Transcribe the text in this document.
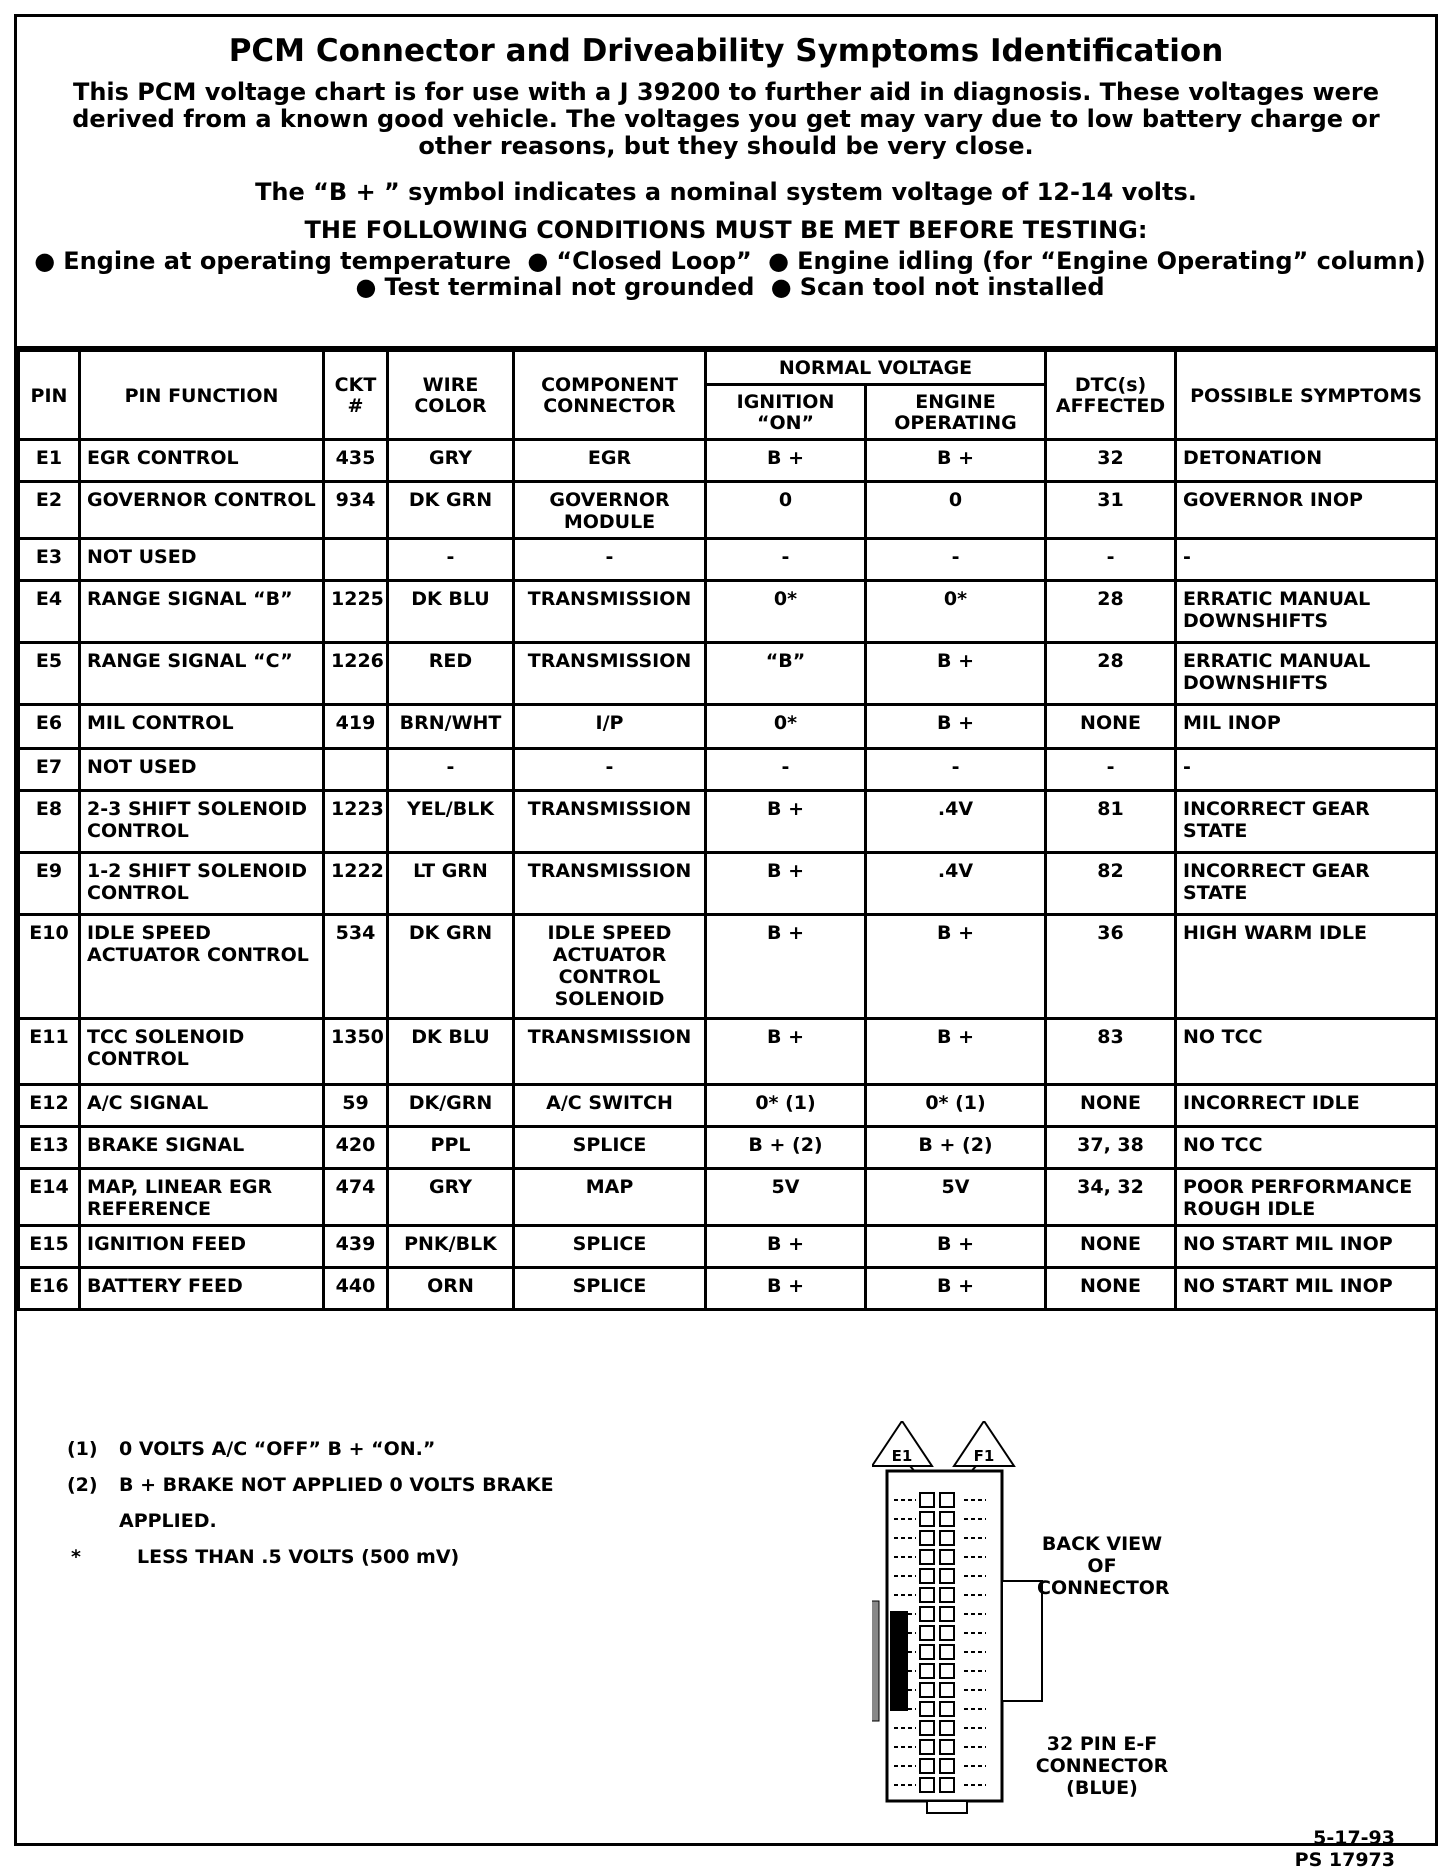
PCM Connector and Driveability Symptoms Identification
This PCM voltage chart is for use with a J 39200 to further aid in diagnosis. These voltages were derived from a known good vehicle. The voltages you get may vary due to low battery charge or other reasons, but they should be very close.
The “B + ” symbol indicates a nominal system voltage of 12-14 volts.
THE FOLLOWING CONDITIONS MUST BE MET BEFORE TESTING:
● Engine at operating temperature ● “Closed Loop” ● Engine idling (for “Engine Operating” column)
● Test terminal not grounded ● Scan tool not installed
PIN	PIN FUNCTION	CKT #	WIRE COLOR	COMPONENT CONNECTOR	NORMAL VOLTAGE		DTC(s) AFFECTED	POSSIBLE SYMPTOMS
					IGNITION “ON”	ENGINE OPERATING		
E1	EGR CONTROL	435	GRY	EGR	B +	B +	32	DETONATION
E2	GOVERNOR CONTROL	934	DK GRN	GOVERNOR MODULE	0	0	31	GOVERNOR INOP
E3	NOT USED		-	-	-	-	-	-
E4	RANGE SIGNAL “B”	1225	DK BLU	TRANSMISSION	0*	0*	28	ERRATIC MANUAL DOWNSHIFTS
E5	RANGE SIGNAL “C”	1226	RED	TRANSMISSION	“B”	B +	28	ERRATIC MANUAL DOWNSHIFTS
E6	MIL CONTROL	419	BRN/WHT	I/P	0*	B +	NONE	MIL INOP
E7	NOT USED		-	-	-	-	-	-
E8	2-3 SHIFT SOLENOID CONTROL	1223	YEL/BLK	TRANSMISSION	B +	.4V	81	INCORRECT GEAR STATE
E9	1-2 SHIFT SOLENOID CONTROL	1222	LT GRN	TRANSMISSION	B +	.4V	82	INCORRECT GEAR STATE
E10	IDLE SPEED ACTUATOR CONTROL	534	DK GRN	IDLE SPEED ACTUATOR CONTROL SOLENOID	B +	B +	36	HIGH WARM IDLE
E11	TCC SOLENOID CONTROL	1350	DK BLU	TRANSMISSION	B +	B +	83	NO TCC
E12	A/C SIGNAL	59	DK/GRN	A/C SWITCH	0* (1)	0* (1)	NONE	INCORRECT IDLE
E13	BRAKE SIGNAL	420	PPL	SPLICE	B + (2)	B + (2)	37, 38	NO TCC
E14	MAP, LINEAR EGR REFERENCE	474	GRY	MAP	5V	5V	34, 32	POOR PERFORMANCE ROUGH IDLE
E15	IGNITION FEED	439	PNK/BLK	SPLICE	B +	B +	NONE	NO START MIL INOP
E16	BATTERY FEED	440	ORN	SPLICE	B +	B +	NONE	NO START MIL INOP
(1)	0 VOLTS A/C “OFF” B + “ON.”
(2)	B + BRAKE NOT APPLIED 0 VOLTS BRAKE
APPLIED.
*	LESS THAN .5 VOLTS (500 mV)
E1	F1
BACK VIEW OF CONNECTOR
32 PIN E-F CONNECTOR (BLUE)
5-17-93
PS 17973
